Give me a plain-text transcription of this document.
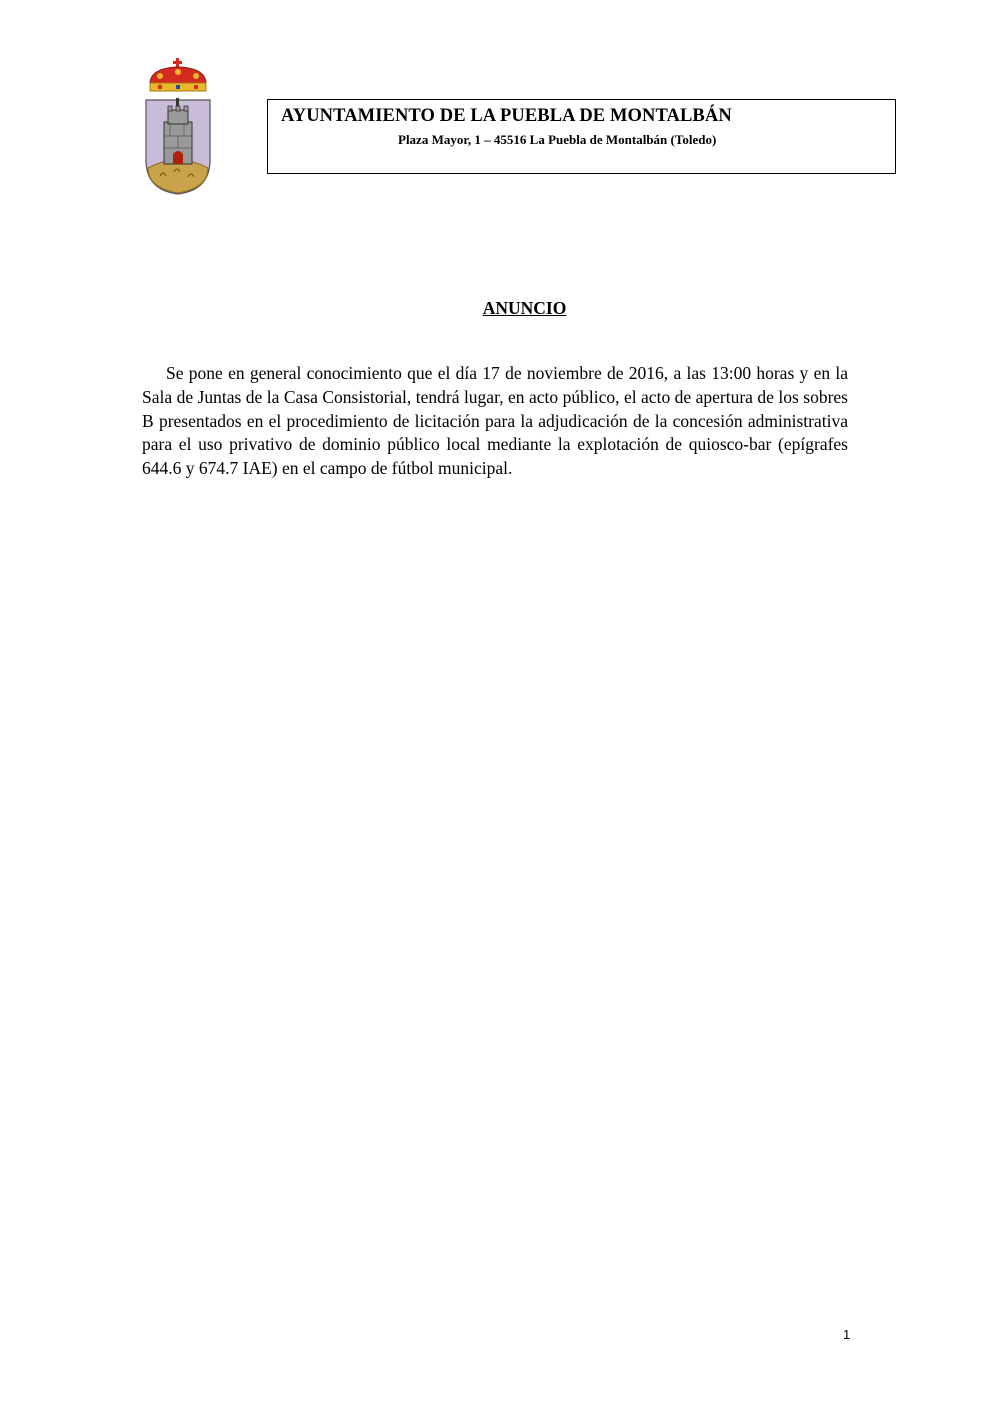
AYUNTAMIENTO DE LA PUEBLA DE MONTALBÁN
Plaza Mayor, 1 – 45516 La Puebla de Montalbán (Toledo)
ANUNCIO

Se pone en general conocimiento que el día 17 de noviembre de 2016, a las 13:00 horas y en la Sala de Juntas de la Casa Consistorial, tendrá lugar, en acto público, el acto de apertura de los sobres B presentados en el procedimiento de licitación para la adjudicación de la concesión administrativa para el uso privativo de dominio público local mediante la explotación de quiosco-bar (epígrafes 644.6 y 674.7 IAE) en el campo de fútbol municipal.

1
